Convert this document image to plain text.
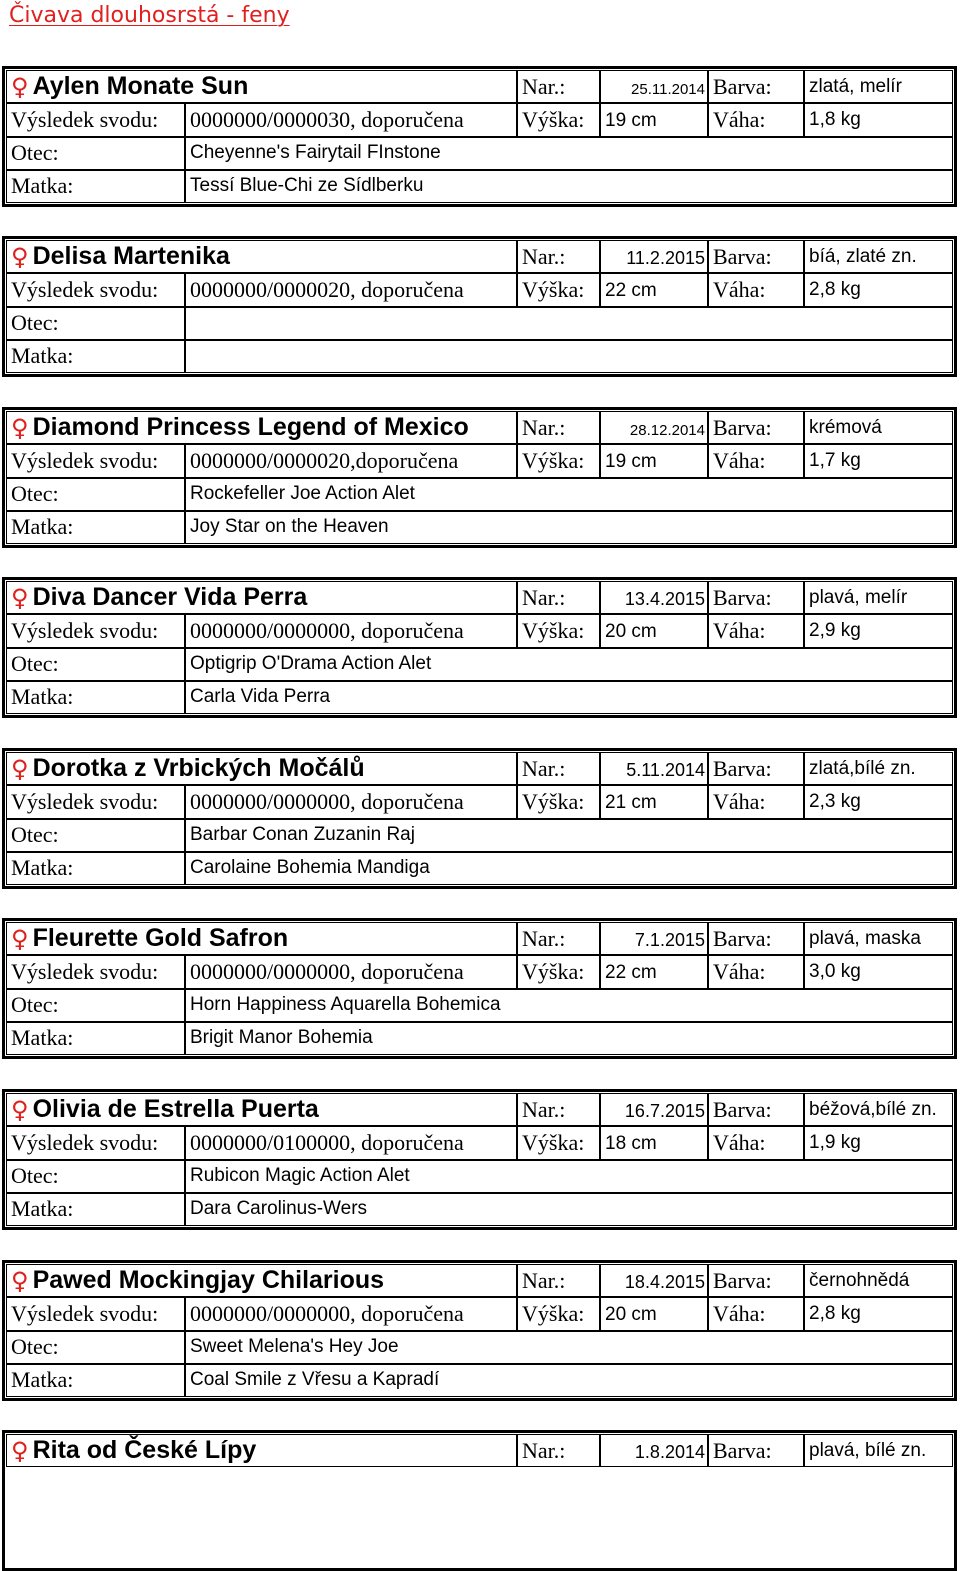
Čivava dlouhosrstá - feny
♀ Aylen Monate Sun	Nar.:	25.11.2014 Barva:	zlatá, melír
Výsledek svodu:	0000000/0000030, doporučena	Výška:	19 cm	Váha:	1,8 kg
Otec:	Cheyenne's Fairytail FInstone
Matka:	Tessí Blue-Chi ze Sídlberku
♀ Delisa Martenika	Nar.:	11.2.2015 Barva:	bíá, zlaté zn.
Výsledek svodu:	0000000/0000020, doporučena	Výška:	22 cm	Váha:	2,8 kg
Otec:
Matka:
♀ Diamond Princess Legend of Mexico Nar.:	28.12.2014 Barva:	krémová
Výsledek svodu:	0000000/0000020,doporučena	Výška:	19 cm	Váha:	1,7 kg
Otec:	Rockefeller Joe Action Alet
Matka:	Joy Star on the Heaven
♀ Diva Dancer Vida Perra	Nar.:	13.4.2015 Barva:	plavá, melír
Výsledek svodu:	0000000/0000000, doporučena	Výška:	20 cm	Váha:	2,9 kg
Otec:	Optigrip O'Drama Action Alet
Matka:	Carla Vida Perra
♀ Dorotka z Vrbických Močálů	Nar.:	5.11.2014 Barva:	zlatá,bílé zn.
Výsledek svodu:	0000000/0000000, doporučena	Výška:	21 cm	Váha:	2,3 kg
Otec:	Barbar Conan Zuzanin Raj
Matka:	Carolaine Bohemia Mandiga
♀ Fleurette Gold Safron	Nar.:	7.1.2015 Barva:	plavá, maska
Výsledek svodu:	0000000/0000000, doporučena	Výška:	22 cm	Váha:	3,0 kg
Otec:	Horn Happiness Aquarella Bohemica
Matka:	Brigit Manor Bohemia
♀ Olivia de Estrella Puerta	Nar.:	16.7.2015 Barva:	béžová,bílé zn.
Výsledek svodu:	0000000/0100000, doporučena	Výška:	18 cm	Váha:	1,9 kg
Otec:	Rubicon Magic Action Alet
Matka:	Dara Carolinus-Wers
♀ Pawed Mockingjay Chilarious	Nar.:	18.4.2015 Barva:	černohnědá
Výsledek svodu:	0000000/0000000, doporučena	Výška:	20 cm	Váha:	2,8 kg
Otec:	Sweet Melena's Hey Joe
Matka:	Coal Smile z Vřesu a Kapradí
♀ Rita od České Lípy	Nar.:	1.8.2014 Barva:	plavá, bílé zn.
